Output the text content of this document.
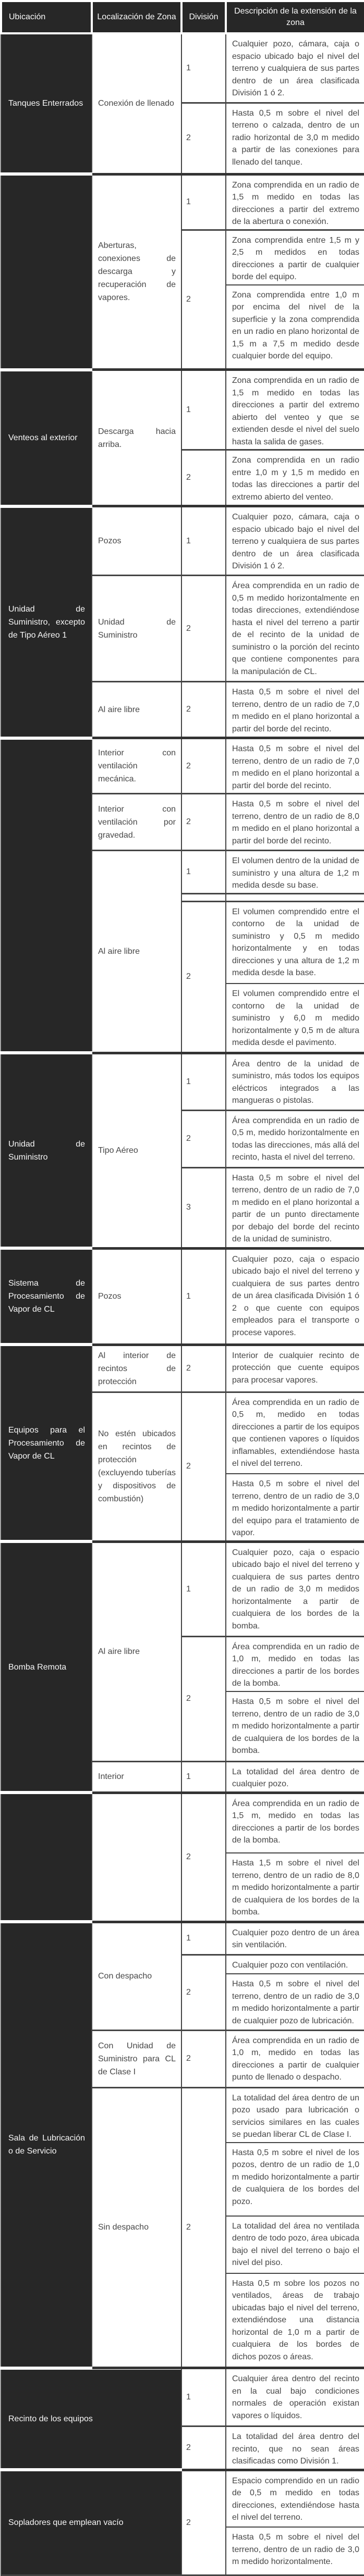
Ubicación	Localización de Zona	División	Descripción de la extensión de la zona
Tanques Enterrados	Conexión de llenado	1	Cualquier pozo, cámara, caja o espacio ubicado bajo el nivel del terreno y cualquiera de sus partes dentro de un área clasificada División 1 ó 2.
		2	Hasta 0,5 m sobre el nivel del terreno o calzada, dentro de un radio horizontal de 3,0 m medido a partir de las conexiones para llenado del tanque.
	Aberturas, conexiones de descarga y recuperación de vapores.	1	Zona comprendida en un radio de 1,5 m medido en todas las direcciones a partir del extremo de la abertura o conexión.
		2	Zona comprendida entre 1,5 m y 2,5 m medidos en todas direcciones a partir de cualquier borde del equipo.
			Zona comprendida entre 1,0 m por encima del nivel de la superficie y la zona comprendida en un radio en plano horizontal de 1,5 m a 7,5 m medido desde cualquier borde del equipo.
Venteos al exterior	Descarga hacia arriba.	1	Zona comprendida en un radio de 1,5 m medido en todas las direcciones a partir del extremo abierto del venteo y que se extienden desde el nivel del suelo hasta la salida de gases.
		2	Zona comprendida en un radio entre 1,0 m y 1,5 m medido en todas las direcciones a partir del extremo abierto del venteo.
Unidad de Suministro, excepto de Tipo Aéreo 1	Pozos	1	Cualquier pozo, cámara, caja o espacio ubicado bajo el nivel del terreno y cualquiera de sus partes dentro de un área clasificada División 1 ó 2.
	Unidad de Suministro	2	Área comprendida en un radio de 0,5 m medido horizontalmente en todas direcciones, extendiéndose hasta el nivel del terreno a partir de el recinto de la unidad de suministro o la porción del recinto que contiene componentes para la manipulación de CL.
	Al aire libre	2	Hasta 0,5 m sobre el nivel del terreno, dentro de un radio de 7,0 m medido en el plano horizontal a partir del borde del recinto.
	Interior con ventilación mecánica.	2	Hasta 0,5 m sobre el nivel del terreno, dentro de un radio de 7,0 m medido en el plano horizontal a partir del borde del recinto.
	Interior con ventilación por gravedad.	2	Hasta 0,5 m sobre el nivel del terreno, dentro de un radio de 8,0 m medido en el plano horizontal a partir del borde del recinto.
	Al aire libre	1	El volumen dentro de la unidad de suministro y una altura de 1,2 m medida desde su base.

		2	El volumen comprendido entre el contorno de la unidad de suministro y 0,5 m medido horizontalmente y en todas direcciones y una altura de 1,2 m medida desde la base.
			El volumen comprendido entre el contorno de la unidad de suministro y 6,0 m medido horizontalmente y 0,5 m de altura medida desde el pavimento.
Unidad de Suministro	Tipo Aéreo	1	Área dentro de la unidad de suministro, más todos los equipos eléctricos integrados a las mangueras o pistolas.
		2	Área comprendida en un radio de 0,5 m, medido horizontalmente en todas las direcciones, más allá del recinto, hasta el nivel del terreno.
		3	Hasta 0,5 m sobre el nivel del terreno, dentro de un radio de 7,0 m medido en el plano horizontal a partir de un punto directamente por debajo del borde del recinto de la unidad de suministro.
Sistema de Procesamiento de Vapor de CL	Pozos	1	Cualquier pozo, caja o espacio ubicado bajo el nivel del terreno y cualquiera de sus partes dentro de un área clasificada División 1 ó 2 o que cuente con equipos empleados para el transporte o procese vapores.
Equipos para el Procesamiento de Vapor de CL	Al interior de recintos de protección	2	Interior de cualquier recinto de protección que cuente equipos para procesar vapores.
	No estén ubicados en recintos de protección (excluyendo tuberías y dispositivos de combustión)	2	Área comprendida en un radio de 0,5 m, medido en todas direcciones a partir de los equipos que contienen vapores o líquidos inflamables, extendiéndose hasta el nivel del terreno.
			Hasta 0,5 m sobre el nivel del terreno, dentro de un radio de 3,0 m medido horizontalmente a partir del equipo para el tratamiento de vapor.
Bomba Remota	Al aire libre	1	Cualquier pozo, caja o espacio ubicado bajo el nivel del terreno y cualquiera de sus partes dentro de un radio de 3,0 m medidos horizontalmente a partir de cualquiera de los bordes de la bomba.
		2	Área comprendida en un radio de 1,0 m, medido en todas las direcciones a partir de los bordes de la bomba.
			Hasta 0,5 m sobre el nivel del terreno, dentro de un radio de 3,0 m medido horizontalmente a partir de cualquiera de los bordes de la bomba.
	Interior	1	La totalidad del área dentro de cualquier pozo.
		2	Área comprendida en un radio de 1,5 m, medido en todas las direcciones a partir de los bordes de la bomba.
			Hasta 1,5 m sobre el nivel del terreno, dentro de un radio de 8,0 m medido horizontalmente a partir de cualquiera de los bordes de la bomba.
Sala de Lubricación o de Servicio	Con despacho	1	Cualquier pozo dentro de un área sin ventilación.
		2	Cualquier pozo con ventilación.
			Hasta 0,5 m sobre el nivel del terreno, dentro de un radio de 3,0 m medido horizontalmente a partir de cualquier pozo de lubricación.
	Con Unidad de Suministro para CL de Clase I	2	Área comprendida en un radio de 1,0 m, medido en todas las direcciones a partir de cualquier punto de llenado o despacho.
	Sin despacho	2	La totalidad del área dentro de un pozo usado para lubricación o servicios similares en las cuales se puedan liberar CL de Clase I.
			Hasta 0,5 m sobre el nivel de los pozos, dentro de un radio de 1,0 m medido horizontalmente a partir de cualquiera de los bordes del pozo.
			La totalidad del área no ventilada dentro de todo pozo, área ubicada bajo el nivel del terreno o bajo el nivel del piso.
			Hasta 0,5 m sobre los pozos no ventilados, áreas de trabajo ubicadas bajo el nivel del terreno, extendiéndose una distancia horizontal de 1,0 m a partir de cualquiera de los bordes de dichos pozos o áreas.
Recinto de los equipos		1	Cualquier área dentro del recinto en la cual bajo condiciones normales de operación existan vapores o líquidos.
		2	La totalidad del área dentro del recinto, que no sean áreas clasificadas como División 1.
Sopladores que emplean vacío		2	Espacio comprendido en un radio de 0,5 m medido en todas direcciones, extendiéndose hasta el nivel del terreno.
			Hasta 0,5 m sobre el nivel del terreno, dentro de un radio de 3,0 m medido horizontalmente.
